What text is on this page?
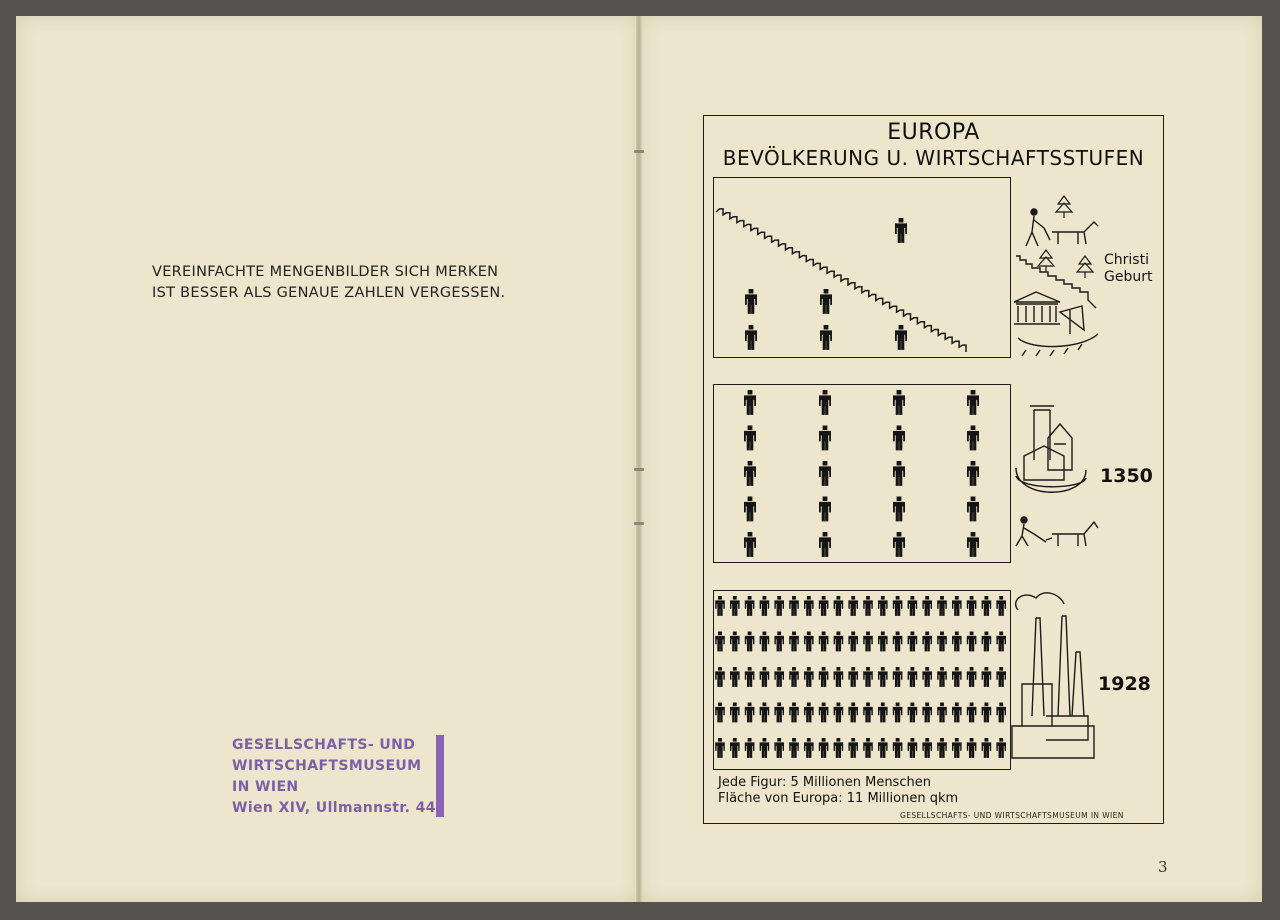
VEREINFACHTE MENGENBILDER SICH MERKEN
IST BESSER ALS GENAUE ZAHLEN VERGESSEN.
GESELLSCHAFTS- UND
WIRTSCHAFTSMUSEUM
IN WIEN
Wien XIV, Ullmannstr. 44
EUROPA
BEVÖLKERUNG U. WIRTSCHAFTSSTUFEN
Christi
Geburt
1350
1928
Jede Figur: 5 Millionen Menschen
Fläche von Europa: 11 Millionen qkm
GESELLSCHAFTS- UND WIRTSCHAFTSMUSEUM IN WIEN
3
